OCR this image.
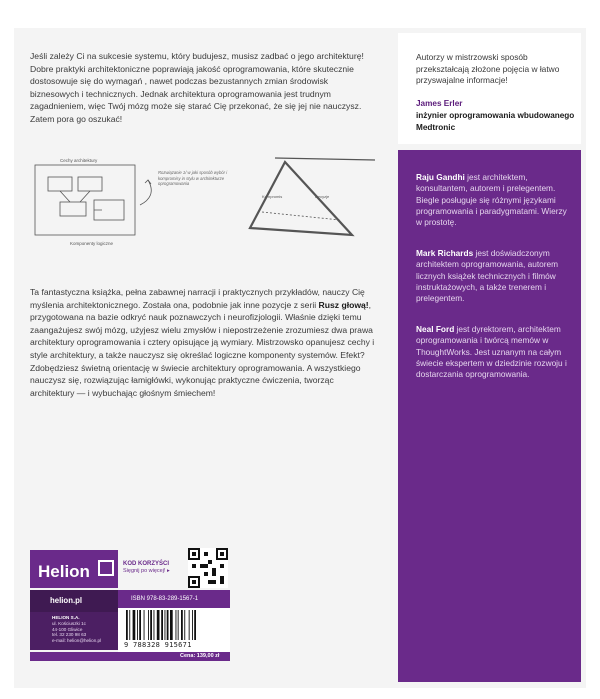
Jeśli zależy Ci na sukcesie systemu, który budujesz, musisz zadbać o jego architekturę! Dobre praktyki architektoniczne poprawiają jakość oprogramowania, które skutecznie dostosowuje się do wymagań , nawet podczas bezustannych zmian środowisk biznesowych i technicznych. Jednak architektura oprogramowania jest trudnym zagadnieniem, więc Twój mózg może się starać Cię przekonać, że się jej nie nauczysz. Zatem pora go oszukać!
Cechy architektury
Komponenty logiczne
Rozwiązanie 1/ w jaki sposób wybór i kompromisy in stylu w architekturze oprogramowania
Kompromis	Decyzje
Ta fantastyczna książka, pełna zabawnej narracji i praktycznych przykładów, nauczy Cię myślenia architektonicznego. Została ona, podobnie jak inne pozycje z serii Rusz głową!, przygotowana na bazie odkryć nauk poznawczych i neurofizjologii. Właśnie dzięki temu zaangażujesz swój mózg, użyjesz wielu zmysłów i niepostrzeżenie zrozumiesz dwa prawa architektury oprogramowania i cztery opisujące ją wymiary. Mistrzowsko opanujesz cechy i style architektury, a także nauczysz się określać logiczne komponenty systemów. Efekt? Zdobędziesz świetną orientację w świecie architektury oprogramowania. A wszystkiego nauczysz się, rozwiązując łamigłówki, wykonując praktyczne ćwiczenia, tworząc architektury — i wybuchając głośnym śmiechem!
Autorzy w mistrzowski sposób przekształcają złożone pojęcia w łatwo przyswajalne informacje!
James Erler
inżynier oprogramowania wbudowanego Medtronic
Raju Gandhi jest architektem, konsultantem, autorem i prelegentem. Biegle posługuje się różnymi językami programowania i paradygmatami. Wierzy w prostotę.
Mark Richards jest doświadczonym architektem oprogramowania, autorem licznych książek technicznych i filmów instruktażowych, a także trenerem i prelegentem.
Neal Ford jest dyrektorem, architektem oprogramowania i twórcą memów w ThoughtWorks. Jest uznanym na całym świecie ekspertem w dziedzinie rozwoju i dostarczania oprogramowania.
Helion	KOD KORZYŚCI
Sięgnij po więcej! ▸
helion.pl	ISBN 978-83-289-1567-1
HELION S.A.
ul. Kościuszki 1c
44-100 Gliwice
tel. 32 230 98 63
e-mail: helion@helion.pl
9 788328 915671
Cena: 139,00 zł
